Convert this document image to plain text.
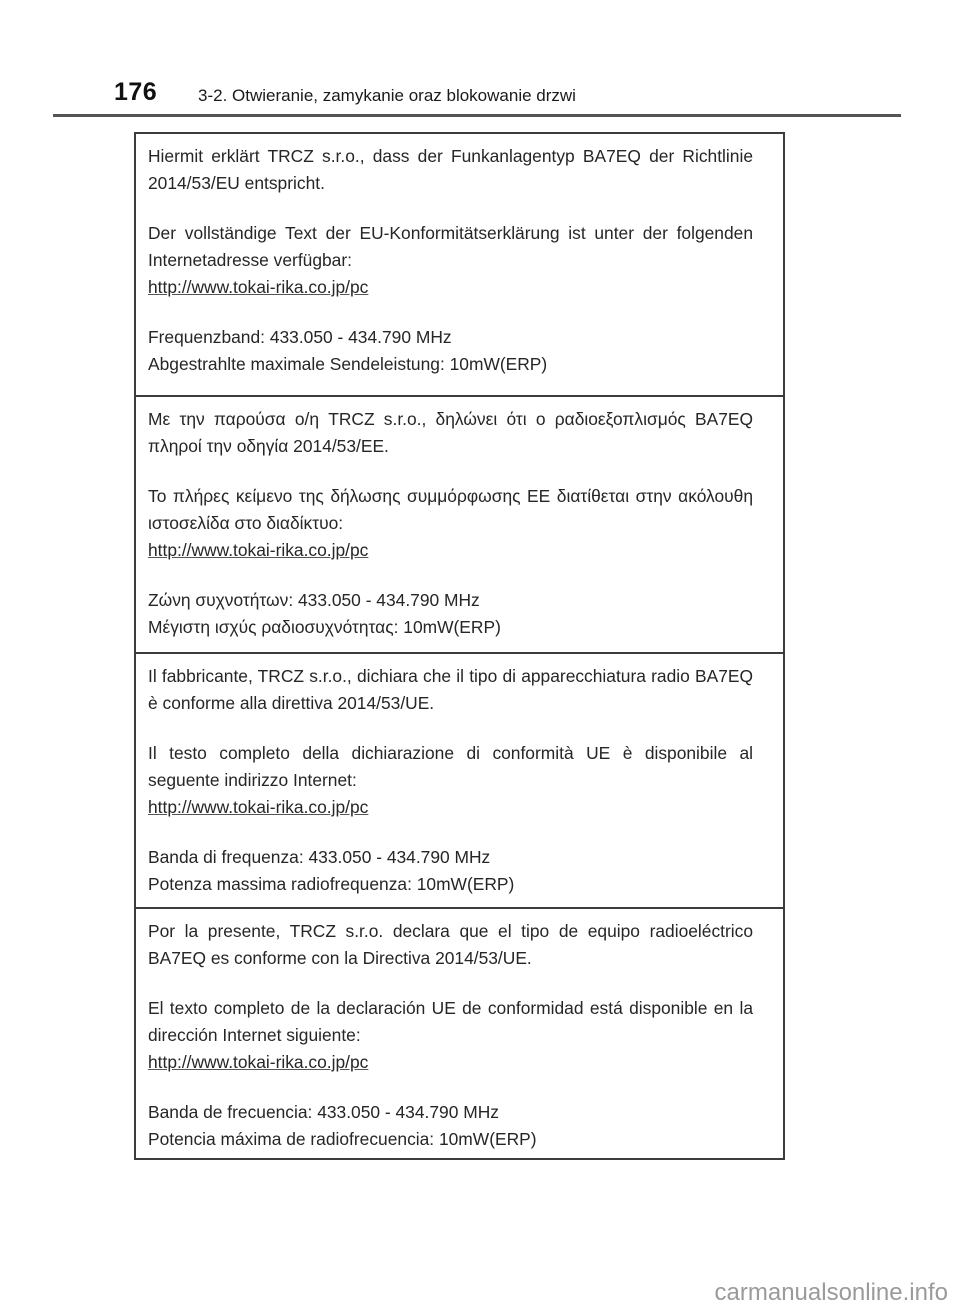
176 3-2. Otwieranie, zamykanie oraz blokowanie drzwi

Hiermit erklärt TRCZ s.r.o., dass der Funkanlagentyp BA7EQ der Richtlinie 2014/53/EU entspricht.

Der vollständige Text der EU-Konformitätserklärung ist unter der folgenden Internetadresse verfügbar:

http://www.tokai-rika.co.jp/pc
Frequenzband: 433.050 - 434.790 MHz
Abgestrahlte maximale Sendeleistung: 10mW(ERP)

Με την παρούσα ο/η TRCZ s.r.o., δηλώνει ότι ο ραδιοεξοπλισμός BA7EQ πληροί την οδηγία 2014/53/EE.

Το πλήρες κείμενο της δήλωσης συμμόρφωσης ΕΕ διατίθεται στην ακόλουθη ιστοσελίδα στο διαδίκτυο:

http://www.tokai-rika.co.jp/pc
Ζώνη συχνοτήτων: 433.050 - 434.790 MHz
Μέγιστη ισχύς ραδιοσυχνότητας: 10mW(ERP)

Il fabbricante, TRCZ s.r.o., dichiara che il tipo di apparecchiatura radio BA7EQ è conforme alla direttiva 2014/53/UE.

Il testo completo della dichiarazione di conformità UE è disponibile al seguente indirizzo Internet:

http://www.tokai-rika.co.jp/pc
Banda di frequenza: 433.050 - 434.790 MHz
Potenza massima radiofrequenza: 10mW(ERP)

Por la presente, TRCZ s.r.o. declara que el tipo de equipo radioeléctrico BA7EQ es conforme con la Directiva 2014/53/UE.

El texto completo de la declaración UE de conformidad está disponible en la dirección Internet siguiente:

http://www.tokai-rika.co.jp/pc
Banda de frecuencia: 433.050 - 434.790 MHz
Potencia máxima de radiofrecuencia: 10mW(ERP)
carmanualsonline.info
